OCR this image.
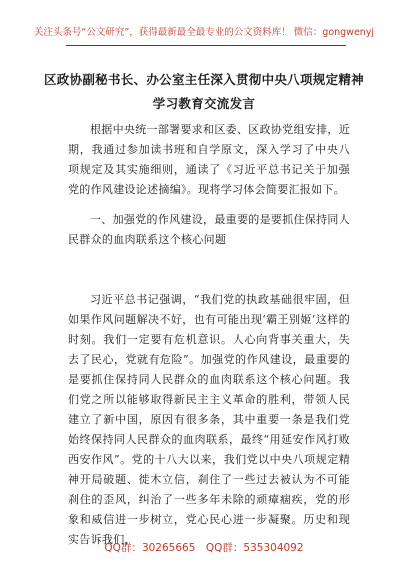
关注头条号“公文研究”，获得最新最全最专业的公文资料库！ 微信：gongwenyj
区政协副秘书长、办公室主任深入贯彻中央八项规定精神
学习教育交流发言

根据中央统一部署要求和区委、区政协党组安排，近期，我通过参加读书班和自学原文，深入学习了中央八项规定及其实施细则，通读了《习近平总书记关于加强党的作风建设论述摘编》。现将学习体会简要汇报如下。

一、加强党的作风建设，最重要的是要抓住保持同人民群众的血肉联系这个核心问题

习近平总书记强调，“我们党的执政基础很牢固，但如果作风问题解决不好，也有可能出现‘霸王别姬’这样的时刻。我们一定要有危机意识。人心向背事关重大，失去了民心，党就有危险”。加强党的作风建设，最重要的是要抓住保持同人民群众的血肉联系这个核心问题。我们党之所以能够取得新民主主义革命的胜利，带领人民建立了新中国，原因有很多条，其中重要一条是我们党始终保持同人民群众的血肉联系，最终“用延安作风打败西安作风”。党的十八大以来，我们党以中央八项规定精神开局破题、徙木立信，刹住了一些过去被认为不可能刹住的歪风，纠治了一些多年未除的顽瘴痼疾，党的形象和威信进一步树立，党心民心进一步凝聚。历史和现实告诉我们，

QQ群：30265665　QQ群：535304092
